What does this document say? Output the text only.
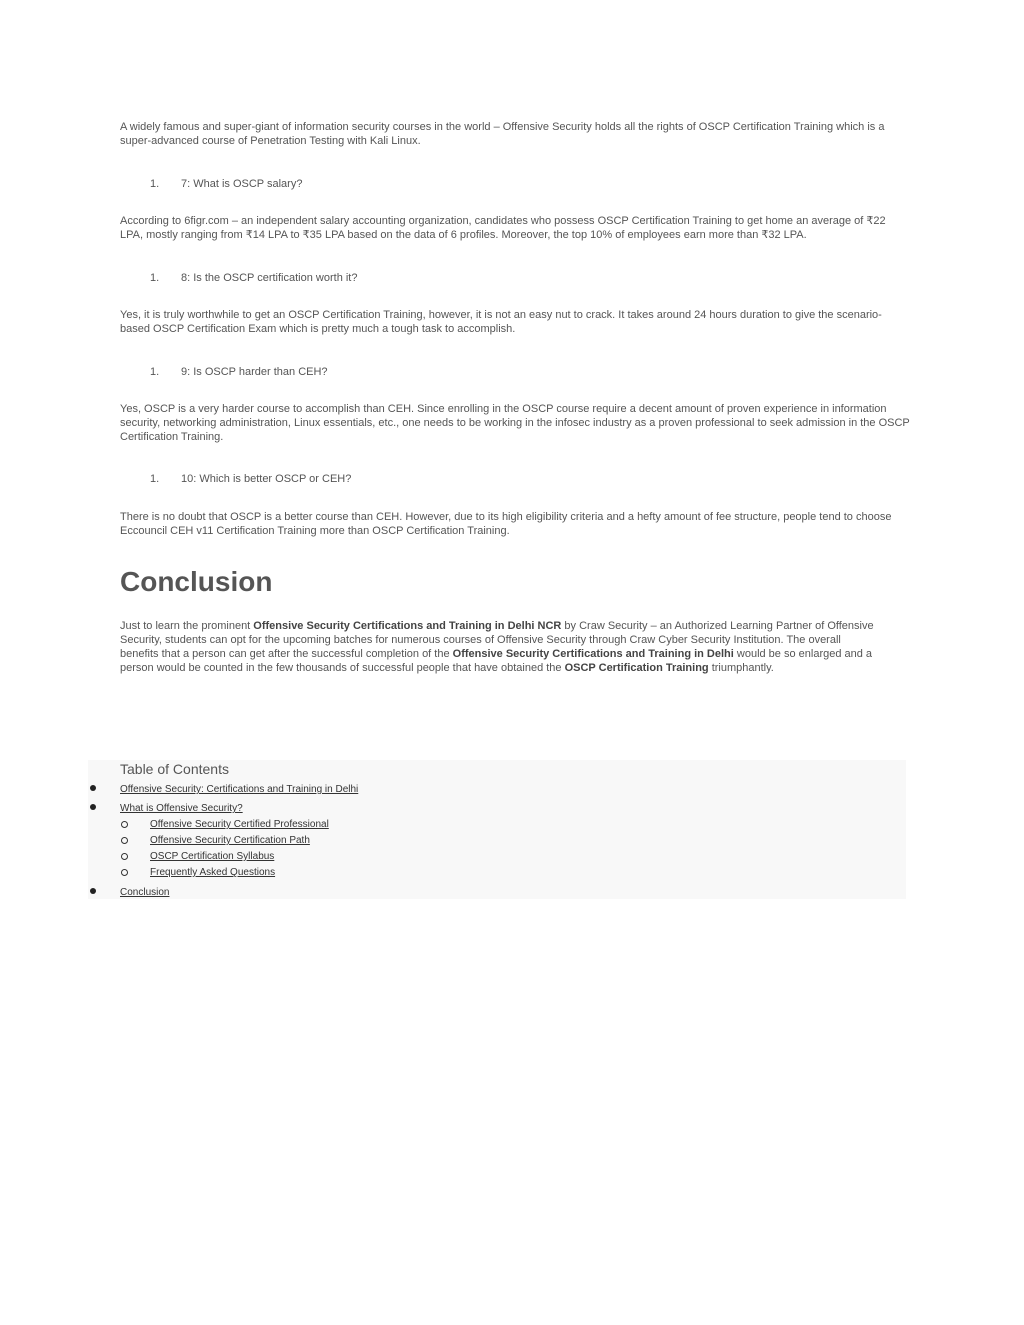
A widely famous and super-giant of information security courses in the world – Offensive Security holds all the rights of OSCP Certification Training which is a super-advanced course of Penetration Testing with Kali Linux.

1. 7: What is OSCP salary?

According to 6figr.com – an independent salary accounting organization, candidates who possess OSCP Certification Training to get home an average of ₹22 LPA, mostly ranging from ₹14 LPA to ₹35 LPA based on the data of 6 profiles. Moreover, the top 10% of employees earn more than ₹32 LPA.

1. 8: Is the OSCP certification worth it?

Yes, it is truly worthwhile to get an OSCP Certification Training, however, it is not an easy nut to crack. It takes around 24 hours duration to give the scenario-based OSCP Certification Exam which is pretty much a tough task to accomplish.

1. 9: Is OSCP harder than CEH?

Yes, OSCP is a very harder course to accomplish than CEH. Since enrolling in the OSCP course require a decent amount of proven experience in information security, networking administration, Linux essentials, etc., one needs to be working in the infosec industry as a proven professional to seek admission in the OSCP Certification Training.

1. 10: Which is better OSCP or CEH?

There is no doubt that OSCP is a better course than CEH. However, due to its high eligibility criteria and a hefty amount of fee structure, people tend to choose Eccouncil CEH v11 Certification Training more than OSCP Certification Training.

Conclusion

Just to learn the prominent Offensive Security Certifications and Training in Delhi NCR by Craw Security – an Authorized Learning Partner of Offensive Security, students can opt for the upcoming batches for numerous courses of Offensive Security through Craw Cyber Security Institution. The overall benefits that a person can get after the successful completion of the Offensive Security Certifications and Training in Delhi would be so enlarged and a person would be counted in the few thousands of successful people that have obtained the OSCP Certification Training triumphantly.

Table of Contents

Offensive Security: Certifications and Training in Delhi
What is Offensive Security?
Offensive Security Certified Professional
Offensive Security Certification Path
OSCP Certification Syllabus
Frequently Asked Questions
Conclusion
